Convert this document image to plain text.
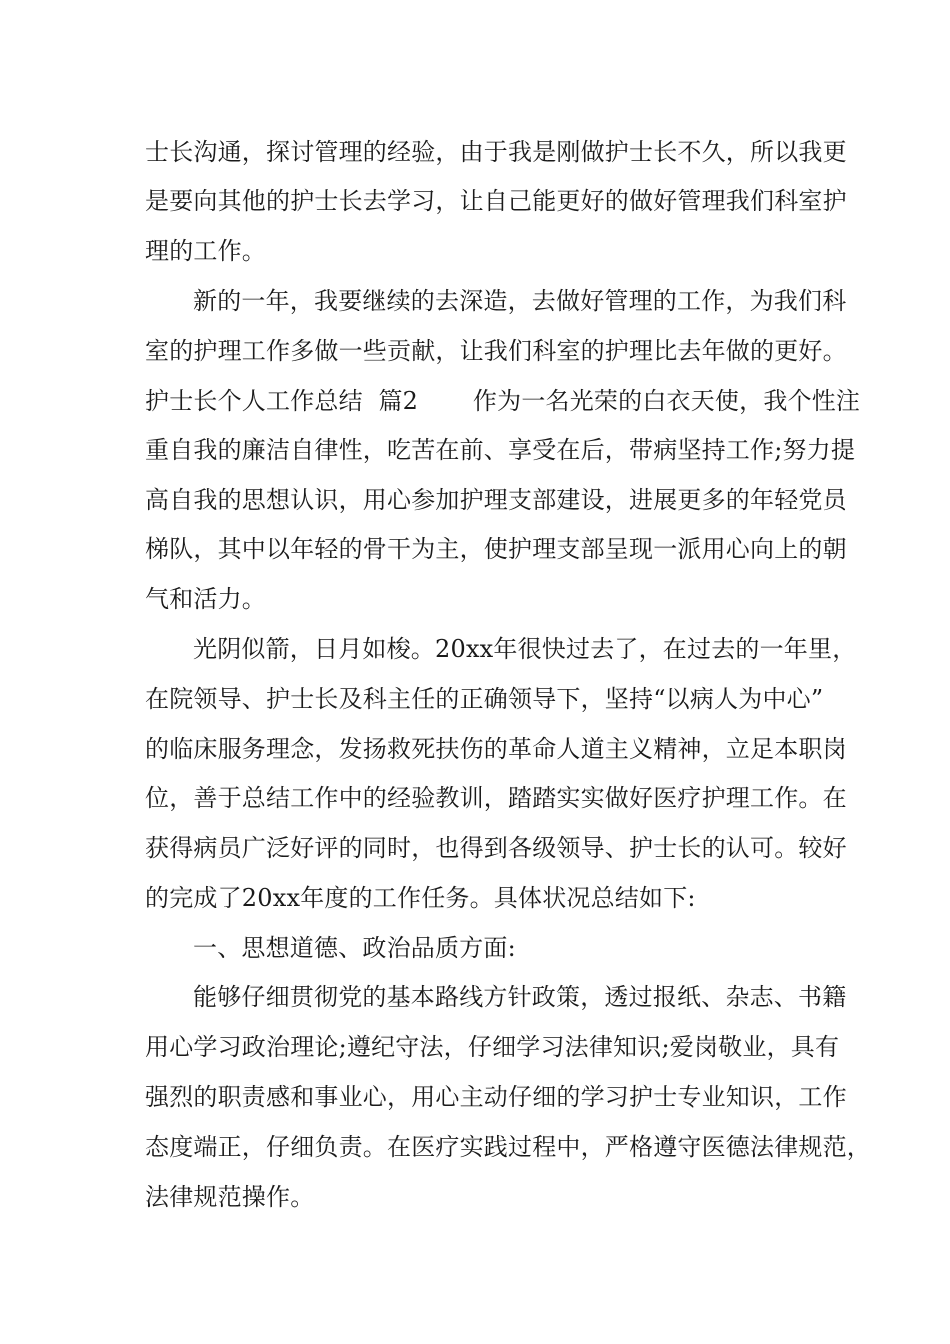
士长沟通，探讨管理的经验，由于我是刚做护士长不久，所以我更
是要向其他的护士长去学习，让自己能更好的做好管理我们科室护
理的工作。
新的一年，我要继续的去深造，去做好管理的工作，为我们科
室的护理工作多做一些贡献，让我们科室的护理比去年做的更好。
护士长个人工作总结  篇2       作为一名光荣的白衣天使，我个性注
重自我的廉洁自律性，吃苦在前、享受在后，带病坚持工作;努力提
高自我的思想认识，用心参加护理支部建设，进展更多的年轻党员
梯队，其中以年轻的骨干为主，使护理支部呈现一派用心向上的朝
气和活力。
光阴似箭，日月如梭。20xx年很快过去了，在过去的一年里，
在院领导、护士长及科主任的正确领导下，坚持“以病人为中心”
的临床服务理念，发扬救死扶伤的革命人道主义精神，立足本职岗
位，善于总结工作中的经验教训，踏踏实实做好医疗护理工作。在
获得病员广泛好评的同时，也得到各级领导、护士长的认可。较好
的完成了20xx年度的工作任务。具体状况总结如下:
一、思想道德、政治品质方面:
能够仔细贯彻党的基本路线方针政策，透过报纸、杂志、书籍
用心学习政治理论;遵纪守法，仔细学习法律知识;爱岗敬业，具有
强烈的职责感和事业心，用心主动仔细的学习护士专业知识，工作
态度端正，仔细负责。在医疗实践过程中，严格遵守医德法律规范，
法律规范操作。
